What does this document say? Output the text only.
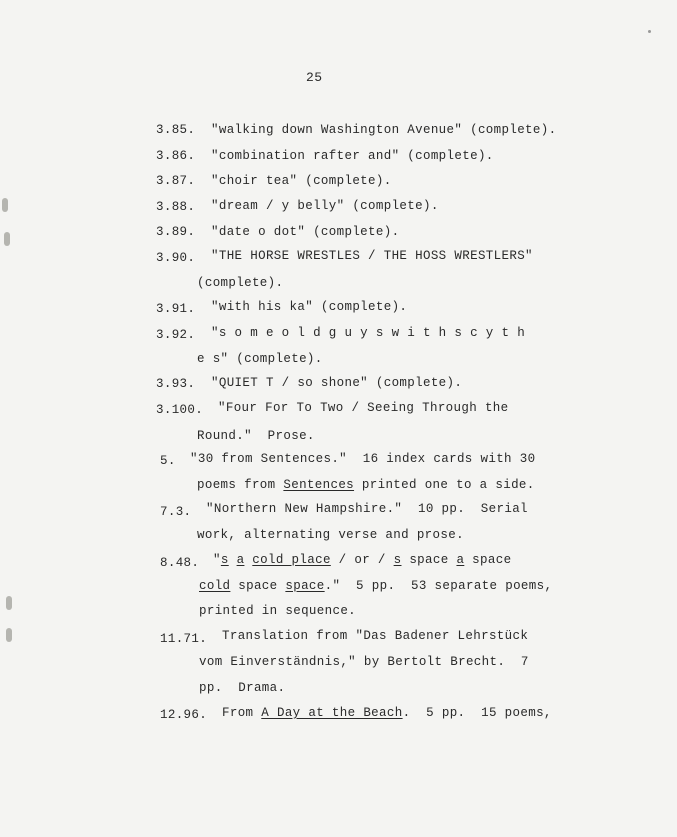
25
3.85. "walking down Washington Avenue" (complete).
3.86. "combination rafter and" (complete).
3.87. "choir tea" (complete).
3.88. "dream / y belly" (complete).
3.89. "date o dot" (complete).
3.90. "THE HORSE WRESTLES / THE HOSS WRESTLERS"
(complete).
3.91. "with his ka" (complete).
3.92. "s o m e o l d g u y s w i t h s c y t h
e s" (complete).
3.93. "QUIET T / so shone" (complete).
3.100. "Four For To Two / Seeing Through the
Round."  Prose.
5. "30 from Sentences."  16 index cards with 30
poems from Sentences printed one to a side.
7.3. "Northern New Hampshire."  10 pp.  Serial
work, alternating verse and prose.
8.48. "s a cold place / or / s space a space
cold space space."  5 pp.  53 separate poems,
printed in sequence.
11.71. Translation from "Das Badener Lehrstück
vom Einverständnis," by Bertolt Brecht.  7
pp.  Drama.
12.96. From A Day at the Beach.  5 pp.  15 poems,
